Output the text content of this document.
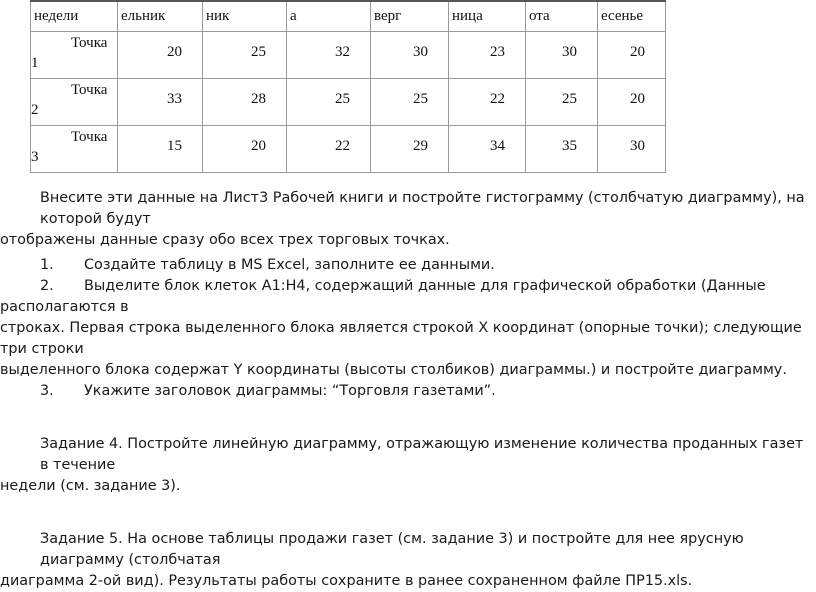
недели	ельник	ник	а	верг	ница	ота	есенье

Точка
1	20	25	32	30	23	30	20

Точка
2	33	28	25	25	22	25	20

Точка
3	15	20	22	29	34	35	30

Внесите эти данные на Лист3 Рабочей книги и постройте гистограмму (столбчатую диаграмму), на которой будут
отображены данные сразу обо всех трех торговых точках.

1. Создайте таблицу в MS Excel, заполните ее данными.
2. Выделите блок клеток А1:Н4, содержащий данные для графической обработки (Данные располагаются в
строках. Первая строка выделенного блока является строкой X координат (опорные точки); следующие три строки
выделенного блока содержат Y координаты (высоты столбиков) диаграммы.) и постройте диаграмму.
3. Укажите заголовок диаграммы: “Торговля газетами”.

Задание 4. Постройте линейную диаграмму, отражающую изменение количества проданных газет в течение
недели (см. задание 3).

Задание 5. На основе таблицы продажи газет (см. задание 3) и постройте для нее ярусную диаграмму (столбчатая
диаграмма 2-ой вид). Результаты работы сохраните в ранее сохраненном файле ПР15.xls.
